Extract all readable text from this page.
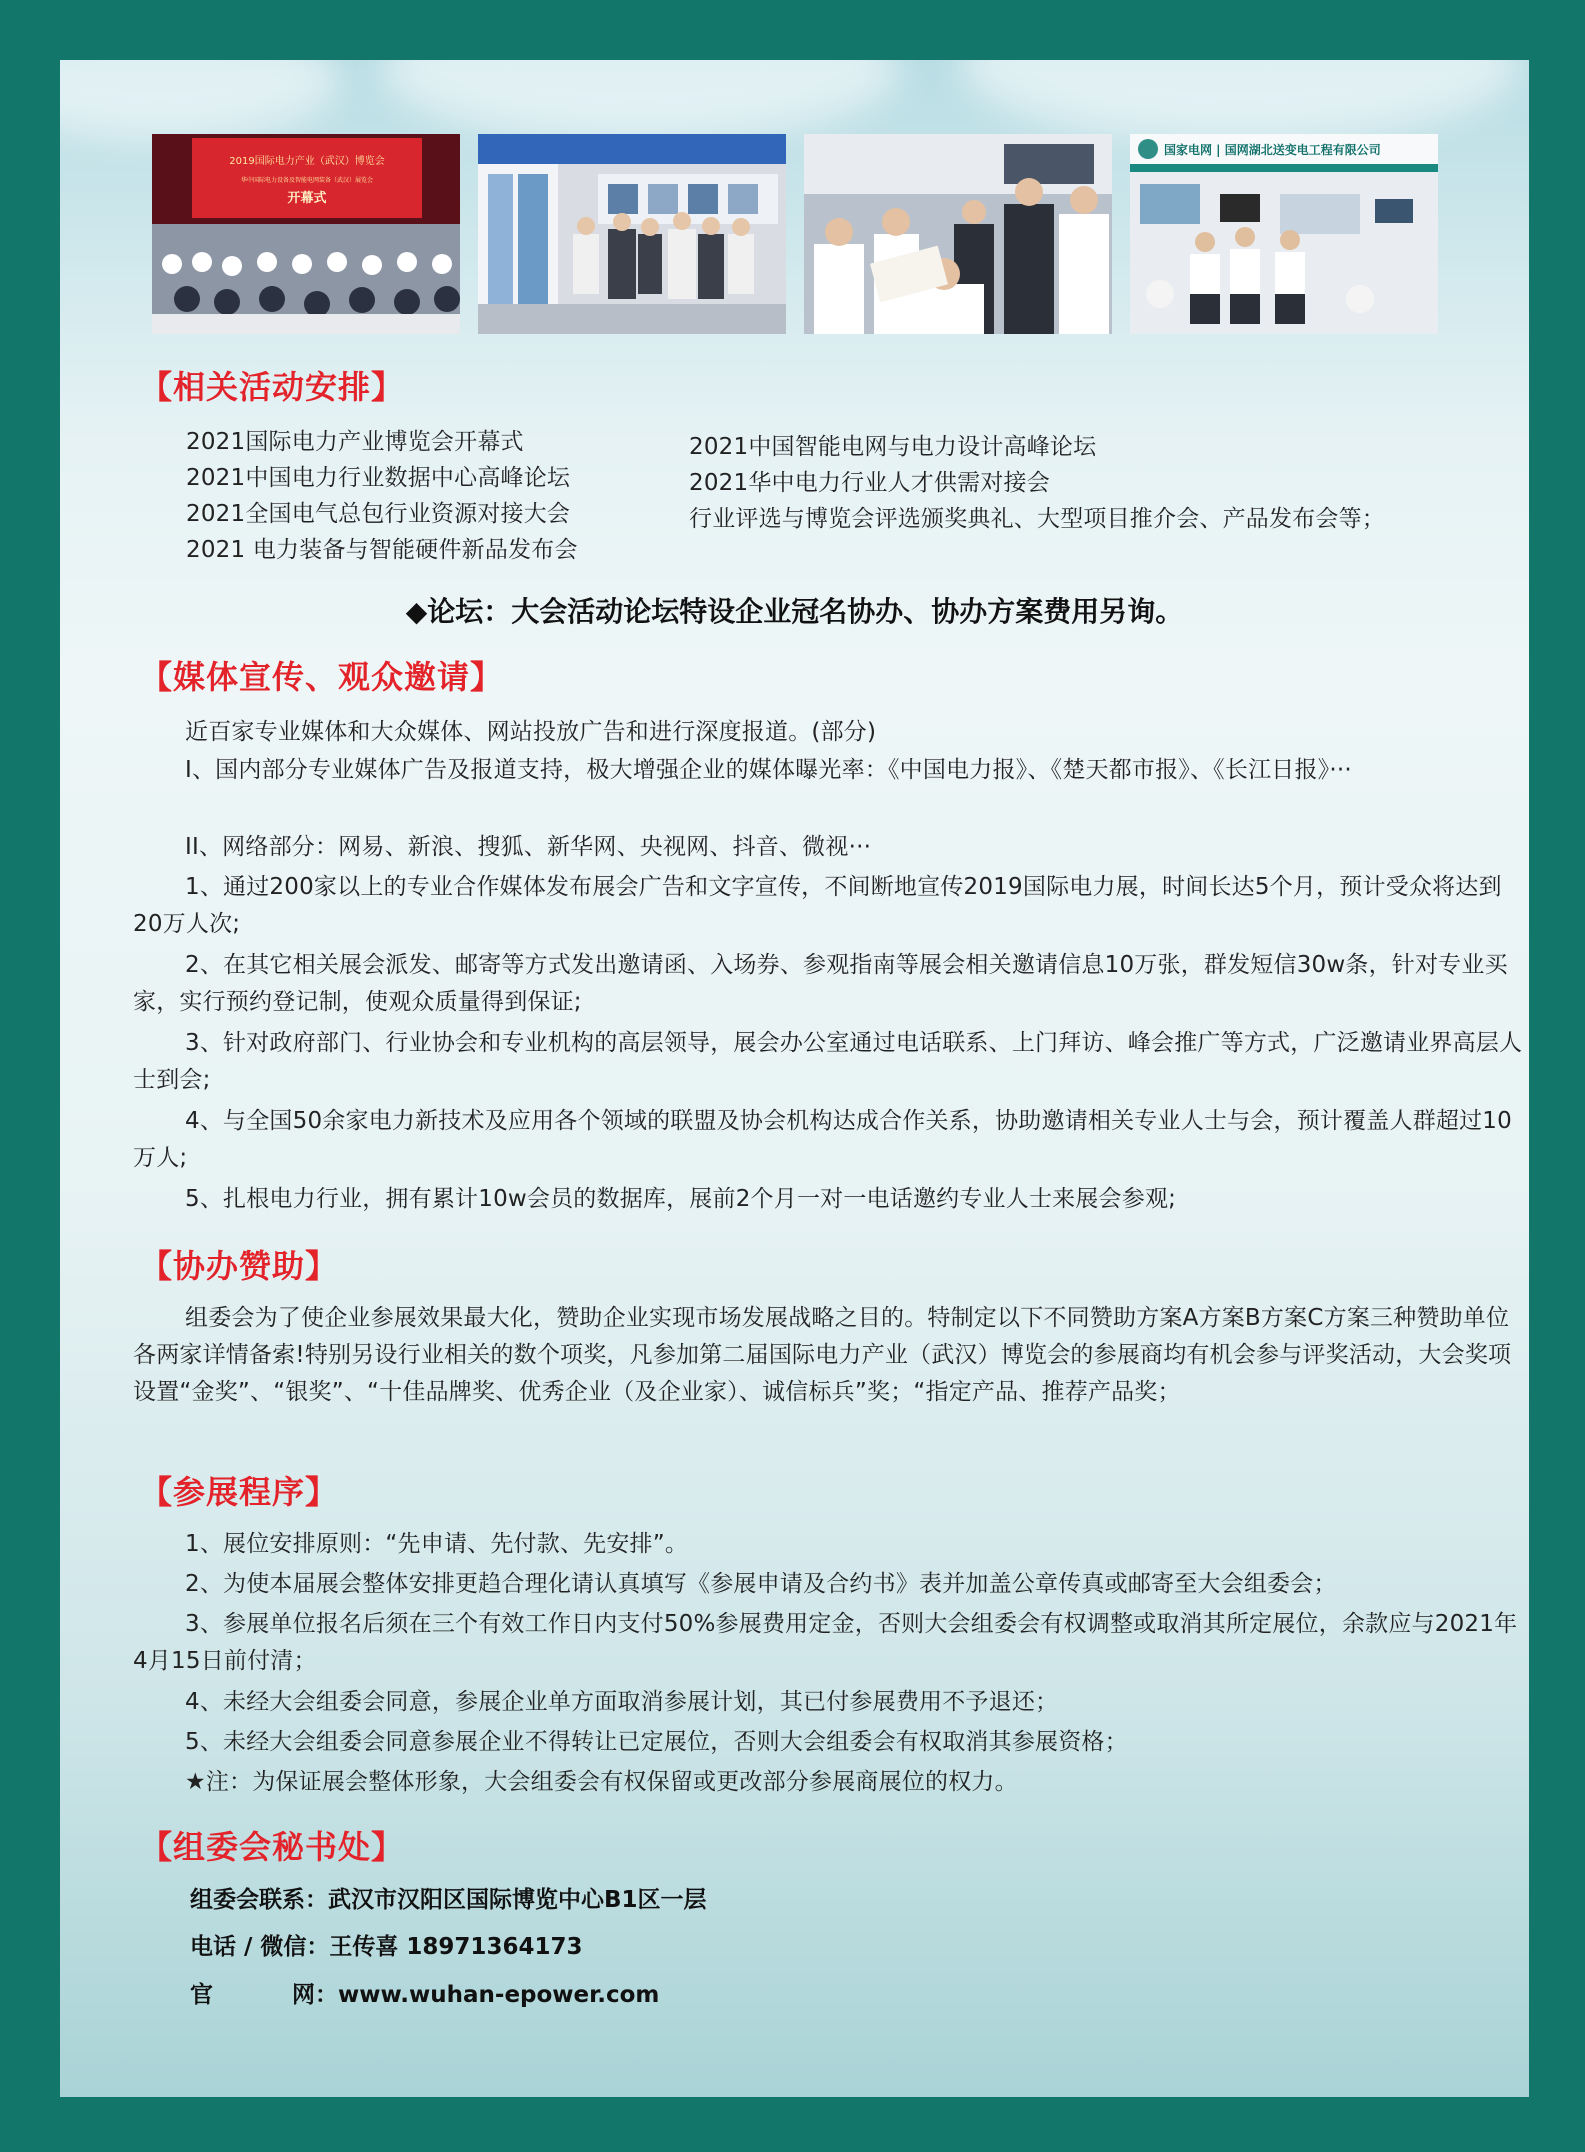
2019国际电力产业（武汉）博览会
华中国际电力设备及智能电网装备（武汉）展览会
开幕式
国家电网 | 国网湖北送变电工程有限公司
【相关活动安排】
2021国际电力产业博览会开幕式
2021中国电力行业数据中心高峰论坛
2021全国电气总包行业资源对接大会
2021 电力装备与智能硬件新品发布会
2021中国智能电网与电力设计高峰论坛
2021华中电力行业人才供需对接会
行业评选与博览会评选颁奖典礼、大型项目推介会、产品发布会等；
◆论坛：大会活动论坛特设企业冠名协办、协办方案费用另询。
【媒体宣传、观众邀请】
近百家专业媒体和大众媒体、网站投放广告和进行深度报道。(部分)
I、国内部分专业媒体广告及报道支持，极大增强企业的媒体曝光率：《中国电力报》、《楚天都市报》、《长江日报》···
II、网络部分：网易、新浪、搜狐、新华网、央视网、抖音、微视···
1、通过200家以上的专业合作媒体发布展会广告和文字宣传，不间断地宣传2019国际电力展，时间长达5个月，预计受众将达到20万人次;
2、在其它相关展会派发、邮寄等方式发出邀请函、入场券、参观指南等展会相关邀请信息10万张，群发短信30w条，针对专业买家，实行预约登记制，使观众质量得到保证;
3、针对政府部门、行业协会和专业机构的高层领导，展会办公室通过电话联系、上门拜访、峰会推广等方式，广泛邀请业界高层人士到会;
4、与全国50余家电力新技术及应用各个领域的联盟及协会机构达成合作关系，协助邀请相关专业人士与会，预计覆盖人群超过10万人;
5、扎根电力行业，拥有累计10w会员的数据库，展前2个月一对一电话邀约专业人士来展会参观;
【协办赞助】
组委会为了使企业参展效果最大化，赞助企业实现市场发展战略之目的。特制定以下不同赞助方案A方案B方案C方案三种赞助单位各两家详情备索!特别另设行业相关的数个项奖，凡参加第二届国际电力产业（武汉）博览会的参展商均有机会参与评奖活动，大会奖项设置“金奖”、“银奖”、“十佳品牌奖、优秀企业（及企业家）、诚信标兵”奖；“指定产品、推荐产品奖；
【参展程序】
1、展位安排原则：“先申请、先付款、先安排”。
2、为使本届展会整体安排更趋合理化请认真填写《参展申请及合约书》表并加盖公章传真或邮寄至大会组委会；
3、参展单位报名后须在三个有效工作日内支付50%参展费用定金，否则大会组委会有权调整或取消其所定展位，余款应与2021年4月15日前付清；
4、未经大会组委会同意，参展企业单方面取消参展计划，其已付参展费用不予退还；
5、未经大会组委会同意参展企业不得转让已定展位，否则大会组委会有权取消其参展资格；
★注：为保证展会整体形象，大会组委会有权保留或更改部分参展商展位的权力。
【组委会秘书处】
组委会联系：武汉市汉阳区国际博览中心B1区一层
电话 / 微信：王传喜 18971364173
官	网：www.wuhan-epower.com
